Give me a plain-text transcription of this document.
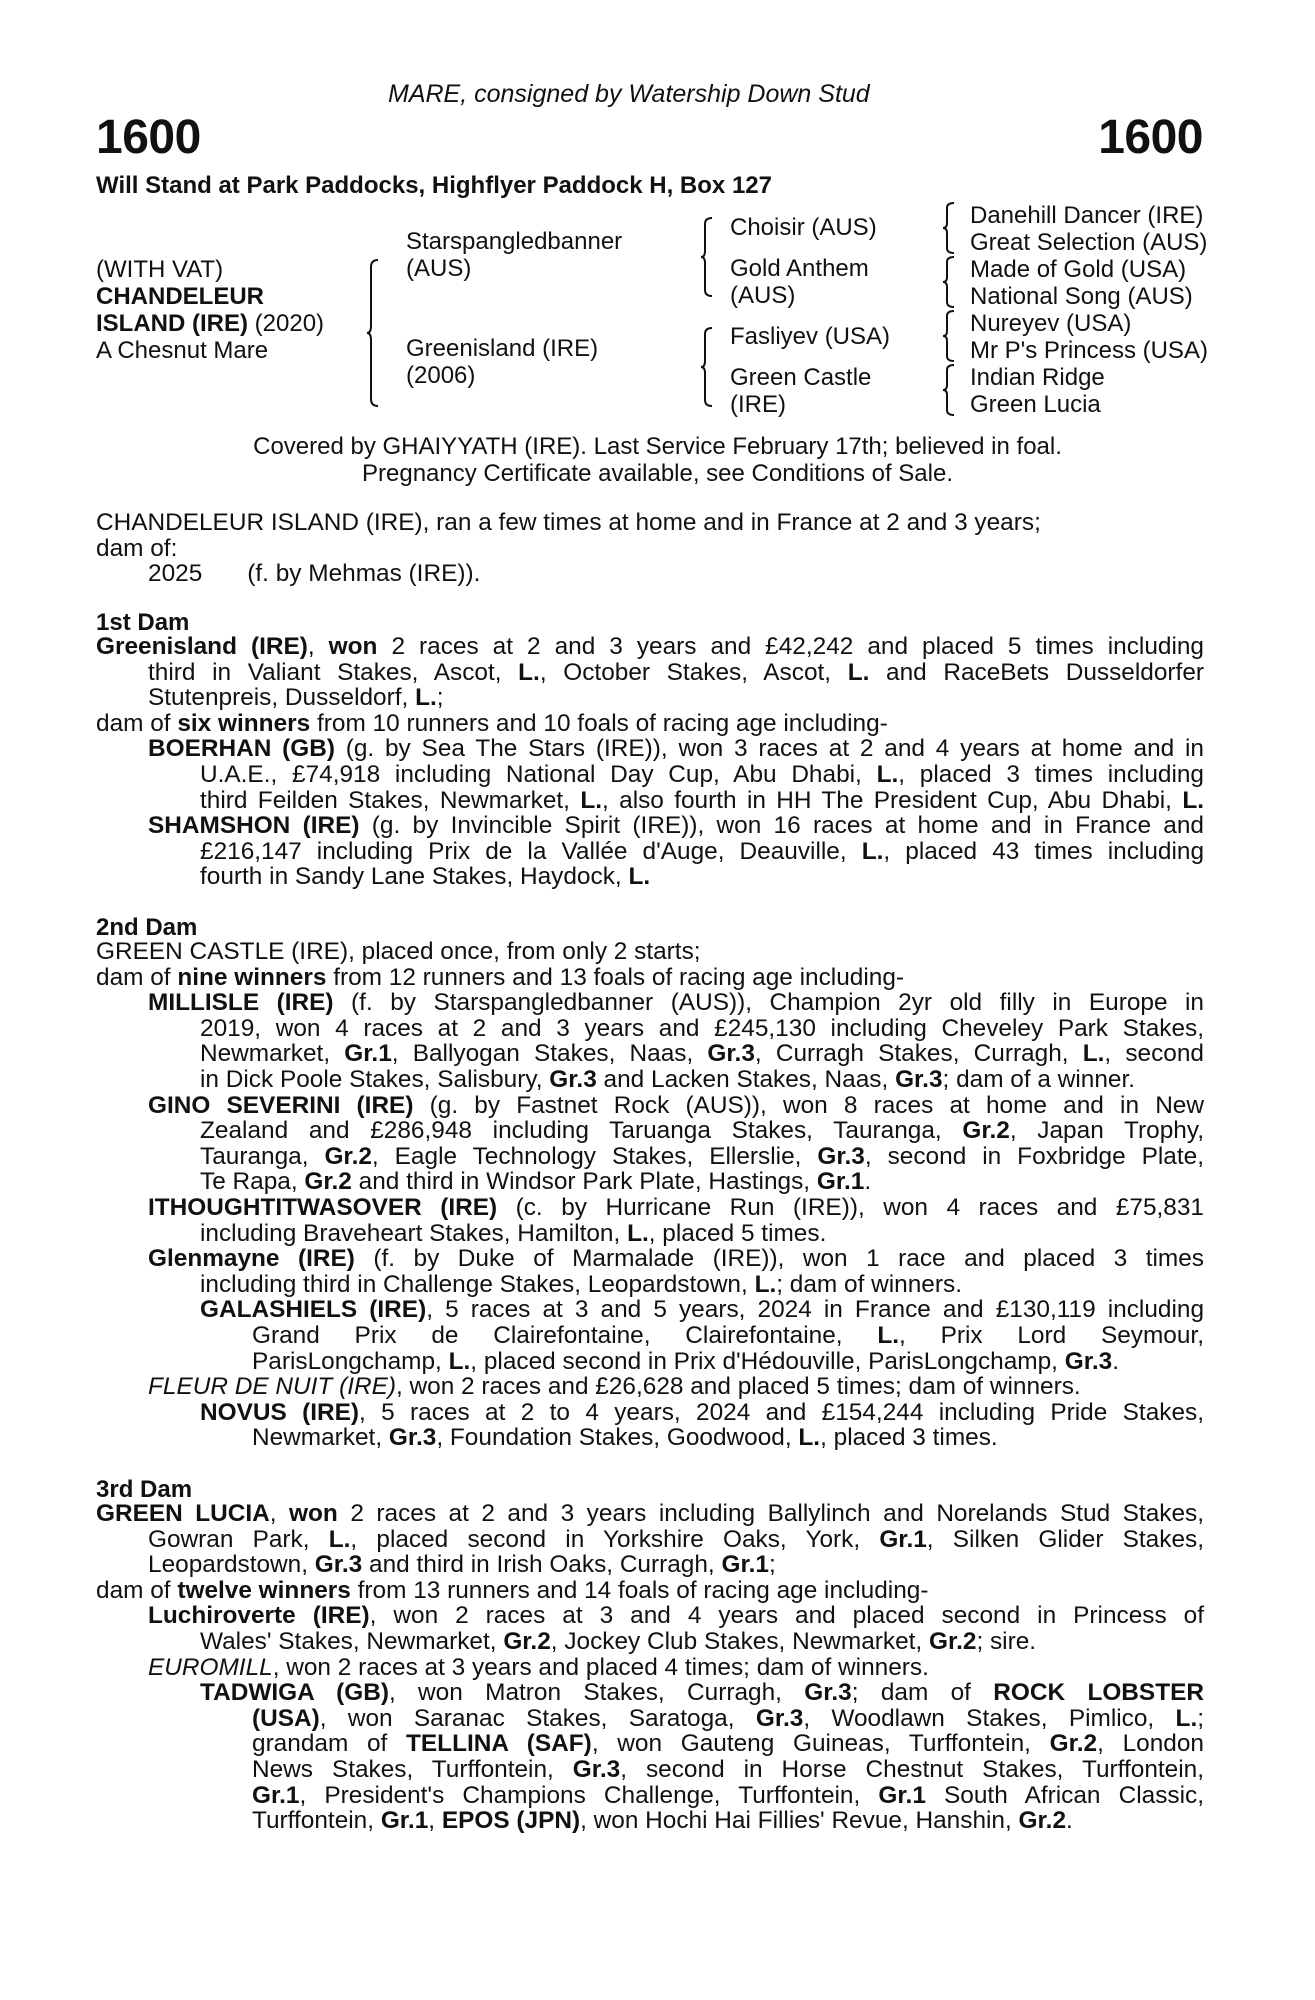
MARE, consigned by Watership Down Stud
1600	1600
Will Stand at Park Paddocks, Highflyer Paddock H, Box 127
(WITH VAT)
CHANDELEUR
ISLAND (IRE) (2020)
A Chesnut Mare
Starspangledbanner
(AUS)
Greenisland (IRE)
(2006)
Choisir (AUS)
Gold Anthem
(AUS)
Fasliyev (USA)
Green Castle
(IRE)
Danehill Dancer (IRE)
Great Selection (AUS)
Made of Gold (USA)
National Song (AUS)
Nureyev (USA)
Mr P's Princess (USA)
Indian Ridge
Green Lucia
Covered by GHAIYYATH (IRE). Last Service February 17th; believed in foal.
Pregnancy Certificate available, see Conditions of Sale.
CHANDELEUR ISLAND (IRE), ran a few times at home and in France at 2 and 3 years;
dam of:
2025 (f. by Mehmas (IRE)).
1st Dam
Greenisland (IRE), won 2 races at 2 and 3 years and £42,242 and placed 5 times including
third in Valiant Stakes, Ascot, L., October Stakes, Ascot, L. and RaceBets Dusseldorfer
Stutenpreis, Dusseldorf, L.;
dam of six winners from 10 runners and 10 foals of racing age including-
BOERHAN (GB) (g. by Sea The Stars (IRE)), won 3 races at 2 and 4 years at home and in
U.A.E., £74,918 including National Day Cup, Abu Dhabi, L., placed 3 times including
third Feilden Stakes, Newmarket, L., also fourth in HH The President Cup, Abu Dhabi, L.
SHAMSHON (IRE) (g. by Invincible Spirit (IRE)), won 16 races at home and in France and
£216,147 including Prix de la Vallée d'Auge, Deauville, L., placed 43 times including
fourth in Sandy Lane Stakes, Haydock, L.
2nd Dam
GREEN CASTLE (IRE), placed once, from only 2 starts;
dam of nine winners from 12 runners and 13 foals of racing age including-
MILLISLE (IRE) (f. by Starspangledbanner (AUS)), Champion 2yr old filly in Europe in
2019, won 4 races at 2 and 3 years and £245,130 including Cheveley Park Stakes,
Newmarket, Gr.1, Ballyogan Stakes, Naas, Gr.3, Curragh Stakes, Curragh, L., second
in Dick Poole Stakes, Salisbury, Gr.3 and Lacken Stakes, Naas, Gr.3; dam of a winner.
GINO SEVERINI (IRE) (g. by Fastnet Rock (AUS)), won 8 races at home and in New
Zealand and £286,948 including Taruanga Stakes, Tauranga, Gr.2, Japan Trophy,
Tauranga, Gr.2, Eagle Technology Stakes, Ellerslie, Gr.3, second in Foxbridge Plate,
Te Rapa, Gr.2 and third in Windsor Park Plate, Hastings, Gr.1.
ITHOUGHTITWASOVER (IRE) (c. by Hurricane Run (IRE)), won 4 races and £75,831
including Braveheart Stakes, Hamilton, L., placed 5 times.
Glenmayne (IRE) (f. by Duke of Marmalade (IRE)), won 1 race and placed 3 times
including third in Challenge Stakes, Leopardstown, L.; dam of winners.
GALASHIELS (IRE), 5 races at 3 and 5 years, 2024 in France and £130,119 including
Grand Prix de Clairefontaine, Clairefontaine, L., Prix Lord Seymour,
ParisLongchamp, L., placed second in Prix d'Hédouville, ParisLongchamp, Gr.3.
FLEUR DE NUIT (IRE), won 2 races and £26,628 and placed 5 times; dam of winners.
NOVUS (IRE), 5 races at 2 to 4 years, 2024 and £154,244 including Pride Stakes,
Newmarket, Gr.3, Foundation Stakes, Goodwood, L., placed 3 times.
3rd Dam
GREEN LUCIA, won 2 races at 2 and 3 years including Ballylinch and Norelands Stud Stakes,
Gowran Park, L., placed second in Yorkshire Oaks, York, Gr.1, Silken Glider Stakes,
Leopardstown, Gr.3 and third in Irish Oaks, Curragh, Gr.1;
dam of twelve winners from 13 runners and 14 foals of racing age including-
Luchiroverte (IRE), won 2 races at 3 and 4 years and placed second in Princess of
Wales' Stakes, Newmarket, Gr.2, Jockey Club Stakes, Newmarket, Gr.2; sire.
EUROMILL, won 2 races at 3 years and placed 4 times; dam of winners.
TADWIGA (GB), won Matron Stakes, Curragh, Gr.3; dam of ROCK LOBSTER
(USA), won Saranac Stakes, Saratoga, Gr.3, Woodlawn Stakes, Pimlico, L.;
grandam of TELLINA (SAF), won Gauteng Guineas, Turffontein, Gr.2, London
News Stakes, Turffontein, Gr.3, second in Horse Chestnut Stakes, Turffontein,
Gr.1, President's Champions Challenge, Turffontein, Gr.1 South African Classic,
Turffontein, Gr.1, EPOS (JPN), won Hochi Hai Fillies' Revue, Hanshin, Gr.2.
